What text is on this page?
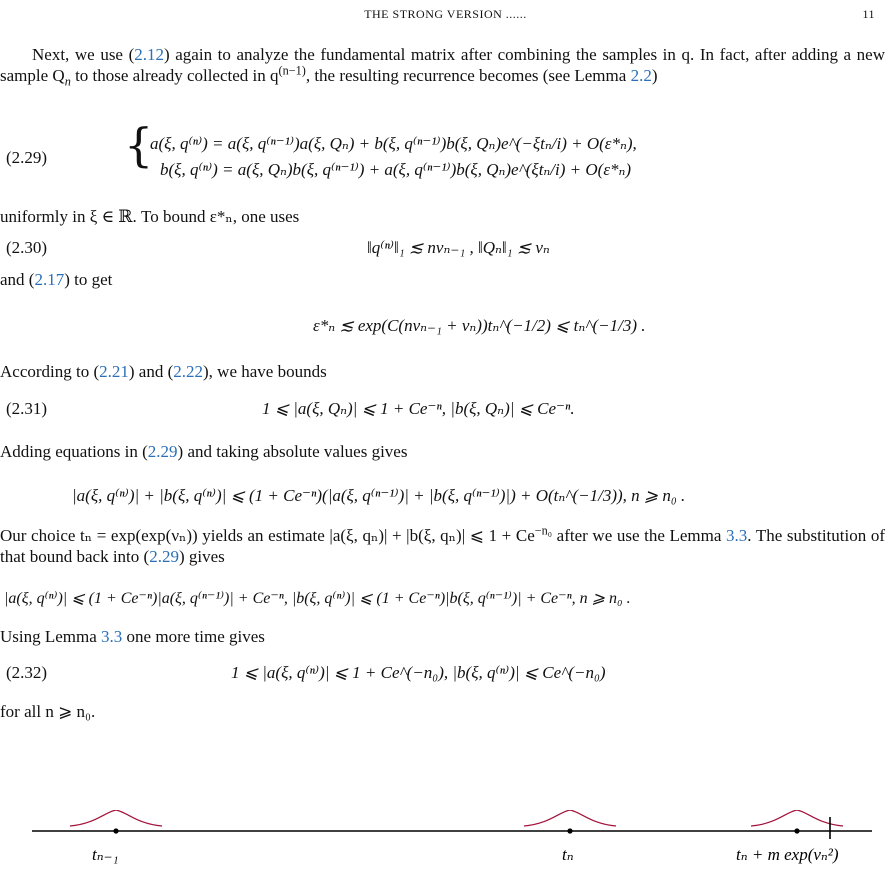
THE STRONG VERSION ......	11
Next, we use (2.12) again to analyze the fundamental matrix after combining the samples in q. In fact, after adding a new sample $Q_n$ to those already collected in $q^{(n-1)}$, the resulting recurrence becomes (see Lemma 2.2)
(2.29) {
a(ξ, q⁽ⁿ⁾) = a(ξ, q⁽ⁿ⁻¹⁾)a(ξ, Qₙ) + b(ξ, q⁽ⁿ⁻¹⁾)b(ξ, Qₙ)e^(−ξtₙ/i) + O(ε*ₙ),
b(ξ, q⁽ⁿ⁾) = a(ξ, Qₙ)b(ξ, q⁽ⁿ⁻¹⁾) + a(ξ, q⁽ⁿ⁻¹⁾)b(ξ, Qₙ)e^(ξtₙ/i) + O(ε*ₙ)
uniformly in ξ ∈ ℝ. To bound ε*ₙ, one uses
(2.30)	‖q⁽ⁿ⁾‖₁ ≲ nνₙ₋₁ , ‖Qₙ‖₁ ≲ νₙ
and (2.17) to get
ε*ₙ ≲ exp(C(nνₙ₋₁ + νₙ))tₙ^(−1/2) ⩽ tₙ^(−1/3) .
According to (2.21) and (2.22), we have bounds
(2.31)	1 ⩽ |a(ξ, Qₙ)| ⩽ 1 + Ce⁻ⁿ, |b(ξ, Qₙ)| ⩽ Ce⁻ⁿ.
Adding equations in (2.29) and taking absolute values gives
|a(ξ, q⁽ⁿ⁾)| + |b(ξ, q⁽ⁿ⁾)| ⩽ (1 + Ce⁻ⁿ)(|a(ξ, q⁽ⁿ⁻¹⁾)| + |b(ξ, q⁽ⁿ⁻¹⁾)|) + O(tₙ^(−1/3)), n ⩾ n₀ .
Our choice tₙ = exp(exp(νₙ)) yields an estimate |a(ξ, qₙ)| + |b(ξ, qₙ)| ⩽ $1 + Ce^{-n_0}$ after we use the Lemma 3.3. The substitution of that bound back into (2.29) gives
|a(ξ, q⁽ⁿ⁾)| ⩽ (1 + Ce⁻ⁿ)|a(ξ, q⁽ⁿ⁻¹⁾)| + Ce⁻ⁿ, |b(ξ, q⁽ⁿ⁾)| ⩽ (1 + Ce⁻ⁿ)|b(ξ, q⁽ⁿ⁻¹⁾)| + Ce⁻ⁿ, n ⩾ n₀ .
Using Lemma 3.3 one more time gives
(2.32)	1 ⩽ |a(ξ, q⁽ⁿ⁾)| ⩽ 1 + Ce^(−n₀), |b(ξ, q⁽ⁿ⁾)| ⩽ Ce^(−n₀)
for all n ⩾ n₀.
tₙ₋₁	tₙ	tₙ + m exp(νₙ²)
